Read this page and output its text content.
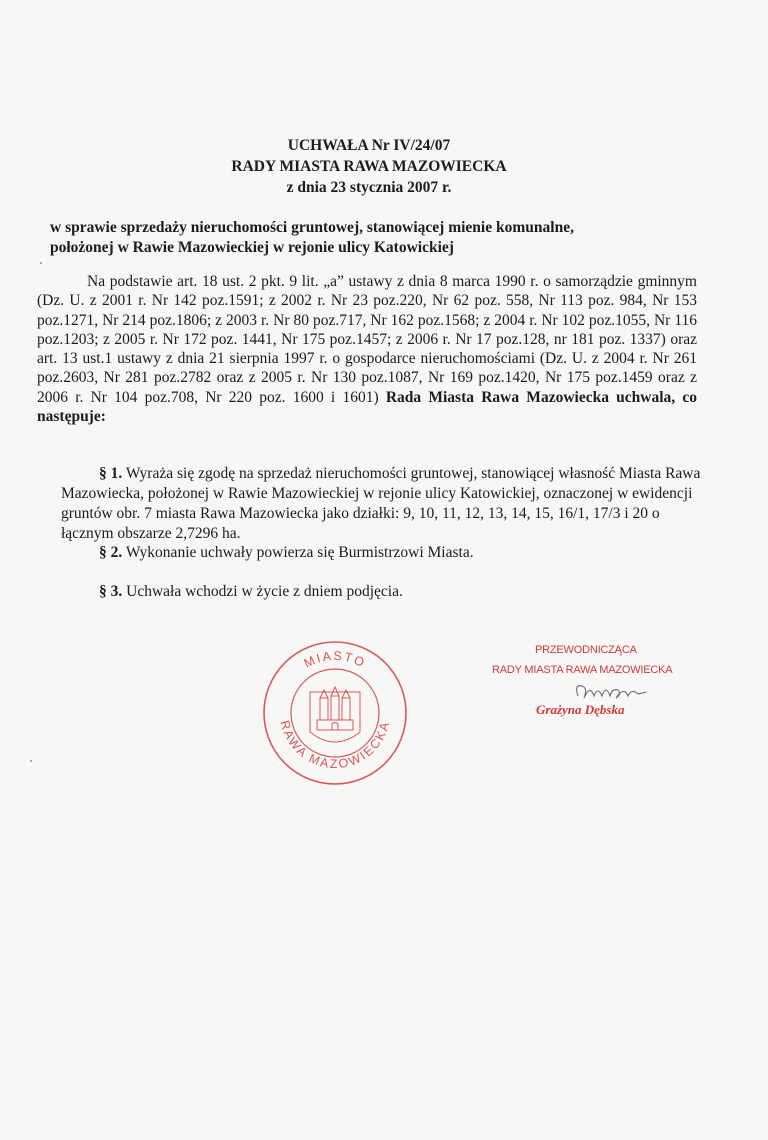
UCHWAŁA Nr IV/24/07
RADY MIASTA RAWA MAZOWIECKA
z dnia 23 stycznia 2007 r.
w sprawie sprzedaży nieruchomości gruntowej, stanowiącej mienie komunalne,
położonej w Rawie Mazowieckiej w rejonie ulicy Katowickiej
Na podstawie art. 18 ust. 2 pkt. 9 lit. „a” ustawy z dnia 8 marca 1990 r. o samorządzie gminnym (Dz. U. z 2001 r. Nr 142 poz.1591; z 2002 r. Nr 23 poz.220, Nr 62 poz. 558, Nr 113 poz. 984, Nr 153 poz.1271, Nr 214 poz.1806; z 2003 r. Nr 80 poz.717, Nr 162 poz.1568; z 2004 r. Nr 102 poz.1055, Nr 116 poz.1203; z 2005 r. Nr 172 poz. 1441, Nr 175 poz.1457; z 2006 r. Nr 17 poz.128, nr 181 poz. 1337) oraz art. 13 ust.1 ustawy z dnia 21 sierpnia 1997 r. o gospodarce nieruchomościami (Dz. U. z 2004 r. Nr 261 poz.2603, Nr 281 poz.2782 oraz z 2005 r. Nr 130 poz.1087, Nr 169 poz.1420, Nr 175 poz.1459 oraz z 2006 r. Nr 104 poz.708, Nr 220 poz. 1600 i 1601) Rada Miasta Rawa Mazowiecka uchwala, co następuje:
§ 1. Wyraża się zgodę na sprzedaż nieruchomości gruntowej, stanowiącej własność Miasta Rawa Mazowiecka, położonej w Rawie Mazowieckiej w rejonie ulicy Katowickiej, oznaczonej w ewidencji gruntów obr. 7 miasta Rawa Mazowiecka jako działki: 9, 10, 11, 12, 13, 14, 15, 16/1, 17/3 i 20 o łącznym obszarze 2,7296 ha.
§ 2. Wykonanie uchwały powierza się Burmistrzowi Miasta.
§ 3. Uchwała wchodzi w życie z dniem podjęcia.
MIASTO
RAWA MAZOWIECKA
PRZEWODNICZĄCA
RADY MIASTA RAWA MAZOWIECKA
Grażyna Dębska
